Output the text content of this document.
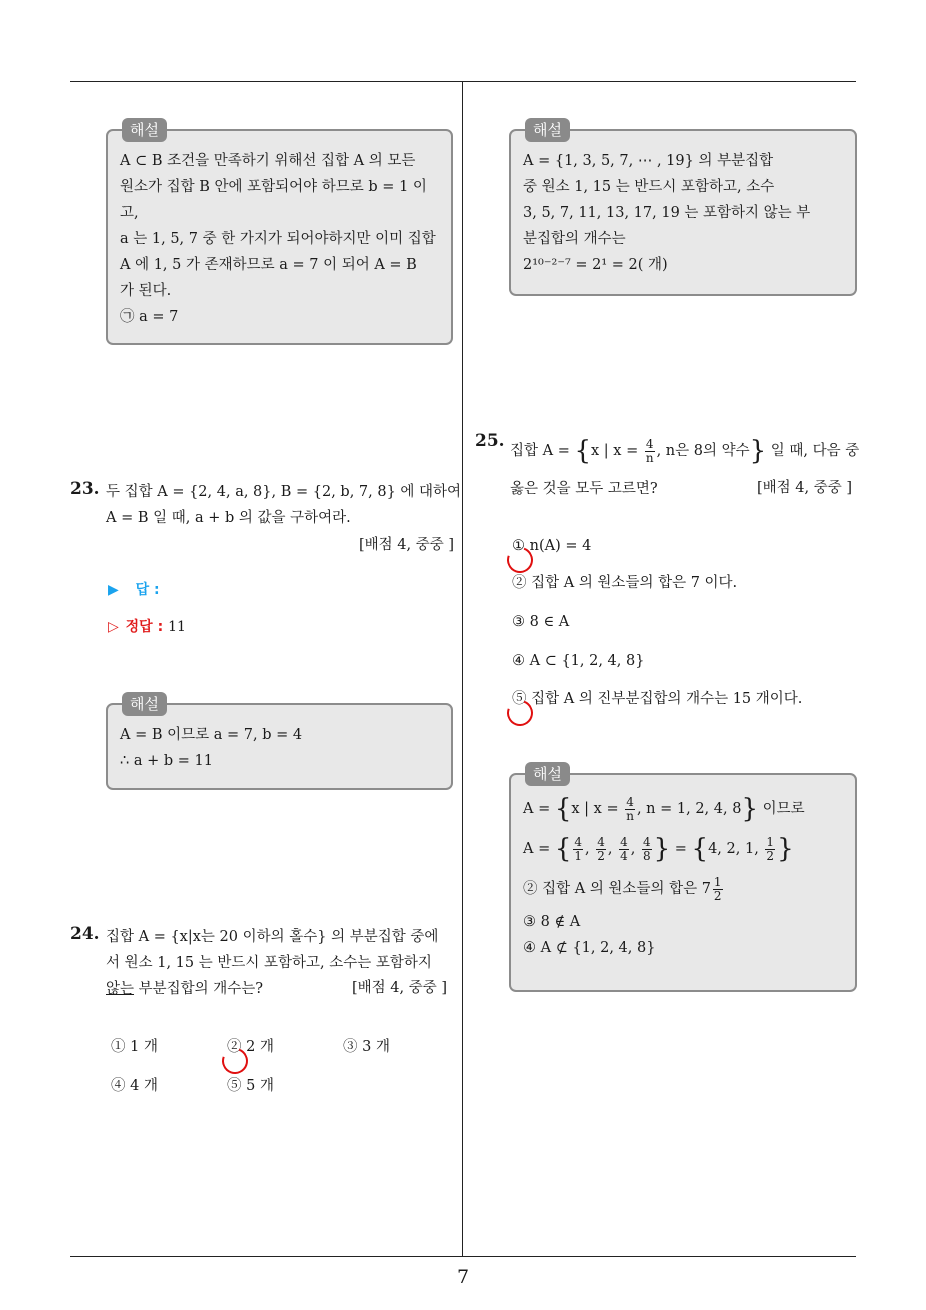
7
해설
A ⊂ B 조건을 만족하기 위해선 집합 A 의 모든
원소가 집합 B 안에 포함되어야 하므로 b = 1 이
고,
a 는 1, 5, 7 중 한 가지가 되어야하지만 이미 집합
A 에 1, 5 가 존재하므로 a = 7 이 되어 A = B
가 된다.
㉠ a = 7
23. 두 집합 A = {2, 4, a, 8}, B = {2, b, 7, 8} 에 대하여
A = B 일 때, a + b 의 값을 구하여라.
[배점 4, 중중 ]
▶ 답 :
▷ 정답 : 11
해설
A = B 이므로 a = 7, b = 4
∴ a + b = 11
24. 집합 A = {x|x는 20 이하의 홀수} 의 부분집합 중에
서 원소 1, 15 는 반드시 포함하고, 소수는 포함하지
않는 부분집합의 개수는?	[배점 4, 중중 ]
① 1 개	② 2 개	③ 3 개
④ 4 개	⑤ 5 개
해설
A = {1, 3, 5, 7, ⋯ , 19} 의 부분집합
중 원소 1, 15 는 반드시 포함하고, 소수
3, 5, 7, 11, 13, 17, 19 는 포함하지 않는 부
분집합의 개수는
2¹⁰⁻²⁻⁷ = 2¹ = 2( 개)
25. 집합 A = {x | $x = \frac{4}{n}$ , n은 8의 약수} 일 때, 다음 중
옳은 것을 모두 고르면?	[배점 4, 중중 ]
① n(A) = 4
② 집합 A 의 원소들의 합은 7 이다.
③ 8 ∈ A
④ A ⊂ {1, 2, 4, 8}
⑤ 집합 A 의 진부분집합의 개수는 15 개이다.
해설
A = {x | $x = \frac{4}{n}$ , n = 1, 2, 4, 8} 이므로
A = { $\frac{4}{1}$ , $\frac{4}{2}$ , $\frac{4}{4}$ , $\frac{4}{8}$ } = {4, 2, 1, $\frac{1}{2}$ }
② 집합 A 의 원소들의 합은 $7 \frac{1}{2}$
③ 8 ∉ A
④ A ⊄ {1, 2, 4, 8}
